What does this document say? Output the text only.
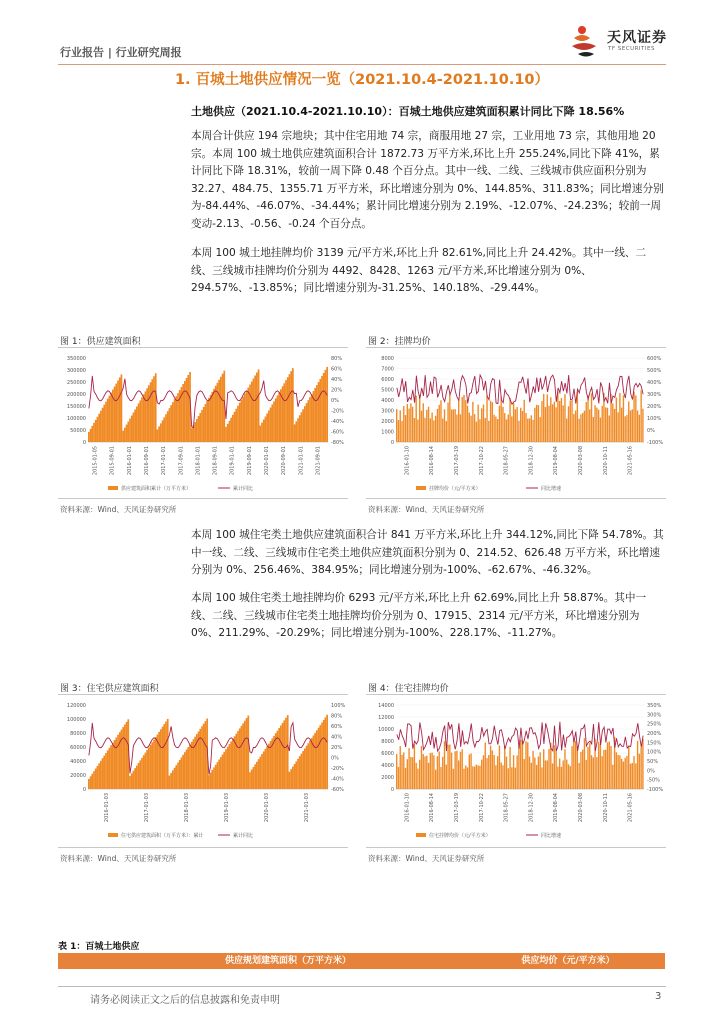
行业报告 | 行业研究周报
天风证券
TF SECURITIES
1. 百城土地供应情况一览（2021.10.4-2021.10.10）
土地供应（2021.10.4-2021.10.10）：百城土地供应建筑面积累计同比下降 18.56%
本周合计供应 194 宗地块；其中住宅用地 74 宗，商服用地 27 宗，工业用地 73 宗，其他用地 20 宗。本周 100 城土地供应建筑面积合计 1872.73 万平方米,环比上升 255.24%,同比下降 41%，累计同比下降 18.31%，较前一周下降 0.48 个百分点。其中一线、二线、三线城市供应面积分别为 32.27、484.75、1355.71 万平方米，环比增速分别为 0%、144.85%、311.83%；同比增速分别为-84.44%、-46.07%、-34.44%；累计同比增速分别为 2.19%、-12.07%、-24.23%；较前一周变动-2.13、-0.56、-0.24 个百分点。
本周 100 城土地挂牌均价 3139 元/平方米,环比上升 82.61%,同比上升 24.42%。其中一线、二线、三线城市挂牌均价分别为 4492、8428、1263 元/平方米,环比增速分别为 0%、294.57%、-13.85%；同比增速分别为-31.25%、140.18%、-29.44%。
图 1：供应建筑面积
350000
300000
250000
200000
150000
100000
50000
0
80%
60%
40%
20%
0%
-20%
-40%
-60%
-80%
2015-01-05 2015-09-01 2016-01-01 2016-09-01 2017-01-01 2017-09-01 2018-01-01 2018-09-01 2019-01-01 2019-09-01 2020-01-01 2020-09-01 2021-01-01 2021-09-01
供应建筑面积累计（万平方米）	累计同比
资料来源：Wind、天风证券研究所
图 2：挂牌均价
8000
7000
6000
5000
4000
3000
2000
1000
0
600%
500%
400%
300%
200%
100%
0%
-100%
2016-01-10	2016-08-14	2017-03-19	2017-10-22	2018-05-27	2018-12-30	2019-08-04	2020-03-08	2020-10-11	2021-05-16
挂牌均价（元/平方米）	同比增速
资料来源：Wind、天风证券研究所
本周 100 城住宅类土地供应建筑面积合计 841 万平方米,环比上升 344.12%,同比下降 54.78%。其中一线、二线、三线城市住宅类土地供应建筑面积分别为 0、214.52、626.48 万平方米，环比增速分别为 0%、256.46%、384.95%；同比增速分别为-100%、-62.67%、-46.32%。
本周 100 城住宅类土地挂牌均价 6293 元/平方米,环比上升 62.69%,同比上升 58.87%。其中一线、二线、三线城市住宅类土地挂牌均价分别为 0、17915、2314 元/平方米，环比增速分别为 0%、211.29%、-20.29%；同比增速分别为-100%、228.17%、-11.27%。
图 3：住宅供应建筑面积
120000
100000
80000
60000
40000
20000
0
100%
80%
60%
40%
20%
0%
-20%
-40%
-60%
2016-01-03	2017-01-03	2018-01-03	2019-01-03	2020-01-03	2021-01-03
住宅供应建筑面积（万平方米）：累计	累计同比
资料来源：Wind、天风证券研究所
图 4：住宅挂牌均价
14000
12000
10000
8000
6000
4000
2000
0
350%
300%
250%
200%
150%
100%
50%
0%
-50%
-100%
2016-01-10	2016-08-14	2017-03-19	2017-10-22	2018-05-27	2018-12-30	2019-08-04	2020-03-08	2020-10-11	2021-05-16
住宅挂牌均价（元/平方米）	同比增速
资料来源：Wind、天风证券研究所
表 1：百城土地供应
供应规划建筑面积（万平方米）	供应均价（元/平方米）
请务必阅读正文之后的信息披露和免责申明	3
